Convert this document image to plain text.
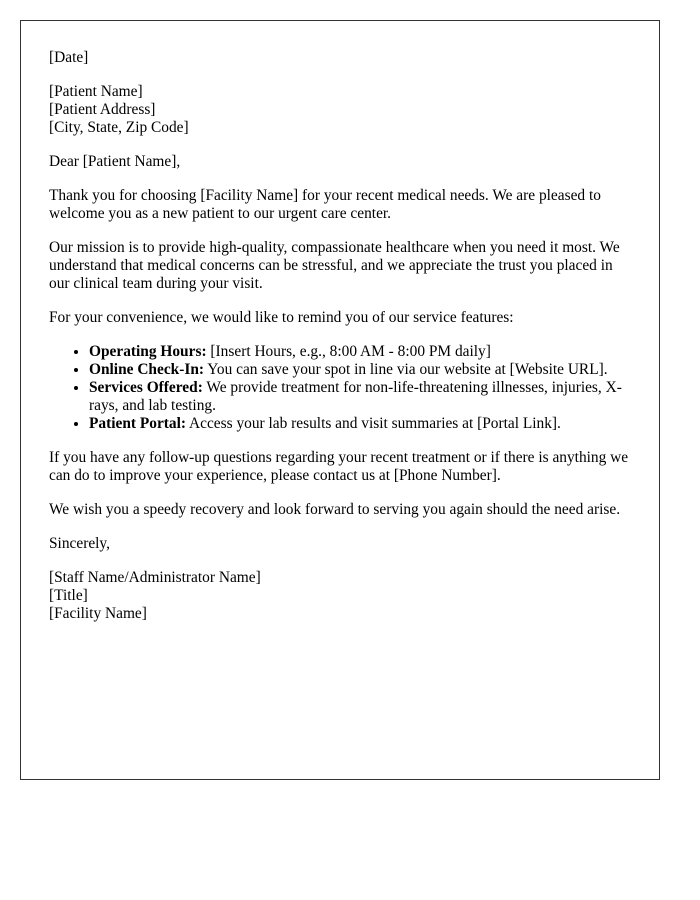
[Date]

[Patient Name]
[Patient Address]
[City, State, Zip Code]

Dear [Patient Name],

Thank you for choosing [Facility Name] for your recent medical needs. We are pleased to welcome you as a new patient to our urgent care center.

Our mission is to provide high-quality, compassionate healthcare when you need it most. We understand that medical concerns can be stressful, and we appreciate the trust you placed in our clinical team during your visit.

For your convenience, we would like to remind you of our service features:

• Operating Hours: [Insert Hours, e.g., 8:00 AM - 8:00 PM daily]
• Online Check-In: You can save your spot in line via our website at [Website URL].
• Services Offered: We provide treatment for non-life-threatening illnesses, injuries, X-rays, and lab testing.
• Patient Portal: Access your lab results and visit summaries at [Portal Link].

If you have any follow-up questions regarding your recent treatment or if there is anything we can do to improve your experience, please contact us at [Phone Number].

We wish you a speedy recovery and look forward to serving you again should the need arise.

Sincerely,

[Staff Name/Administrator Name]
[Title]
[Facility Name]
